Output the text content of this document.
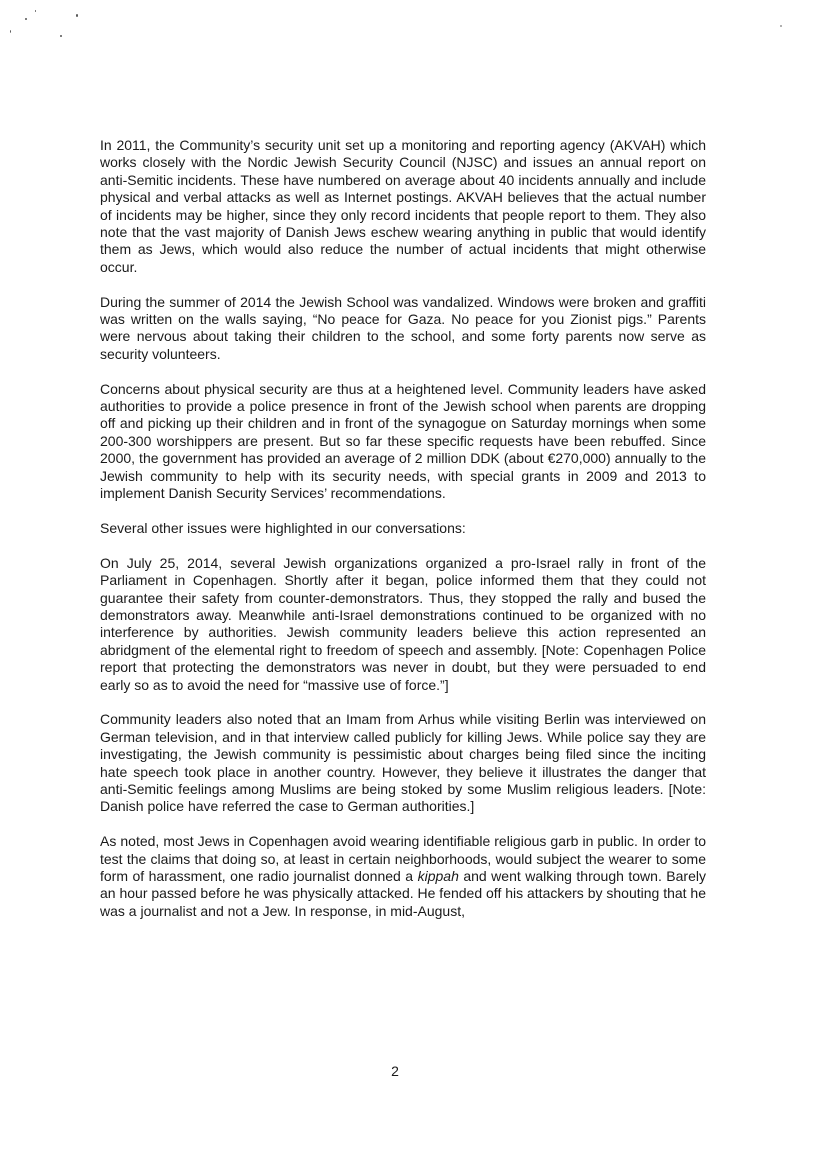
In 2011, the Community’s security unit set up a monitoring and reporting agency (AKVAH) which works closely with the Nordic Jewish Security Council (NJSC) and issues an annual report on anti-Semitic incidents. These have numbered on average about 40 incidents annually and include physical and verbal attacks as well as Internet postings. AKVAH believes that the actual number of incidents may be higher, since they only record incidents that people report to them. They also note that the vast majority of Danish Jews eschew wearing anything in public that would identify them as Jews, which would also reduce the number of actual incidents that might otherwise occur.

During the summer of 2014 the Jewish School was vandalized. Windows were broken and graffiti was written on the walls saying, “No peace for Gaza. No peace for you Zionist pigs.” Parents were nervous about taking their children to the school, and some forty parents now serve as security volunteers.

Concerns about physical security are thus at a heightened level. Community leaders have asked authorities to provide a police presence in front of the Jewish school when parents are dropping off and picking up their children and in front of the synagogue on Saturday mornings when some 200-300 worshippers are present. But so far these specific requests have been rebuffed. Since 2000, the government has provided an average of 2 million DDK (about €270,000) annually to the Jewish community to help with its security needs, with special grants in 2009 and 2013 to implement Danish Security Services’ recommendations.

Several other issues were highlighted in our conversations:

On July 25, 2014, several Jewish organizations organized a pro-Israel rally in front of the Parliament in Copenhagen. Shortly after it began, police informed them that they could not guarantee their safety from counter-demonstrators. Thus, they stopped the rally and bused the demonstrators away. Meanwhile anti-Israel demonstrations continued to be organized with no interference by authorities. Jewish community leaders believe this action represented an abridgment of the elemental right to freedom of speech and assembly. [Note: Copenhagen Police report that protecting the demonstrators was never in doubt, but they were persuaded to end early so as to avoid the need for “massive use of force.”]

Community leaders also noted that an Imam from Arhus while visiting Berlin was interviewed on German television, and in that interview called publicly for killing Jews. While police say they are investigating, the Jewish community is pessimistic about charges being filed since the inciting hate speech took place in another country. However, they believe it illustrates the danger that anti-Semitic feelings among Muslims are being stoked by some Muslim religious leaders. [Note: Danish police have referred the case to German authorities.]

As noted, most Jews in Copenhagen avoid wearing identifiable religious garb in public. In order to test the claims that doing so, at least in certain neighborhoods, would subject the wearer to some form of harassment, one radio journalist donned a kippah and went walking through town. Barely an hour passed before he was physically attacked. He fended off his attackers by shouting that he was a journalist and not a Jew. In response, in mid-August,

2
